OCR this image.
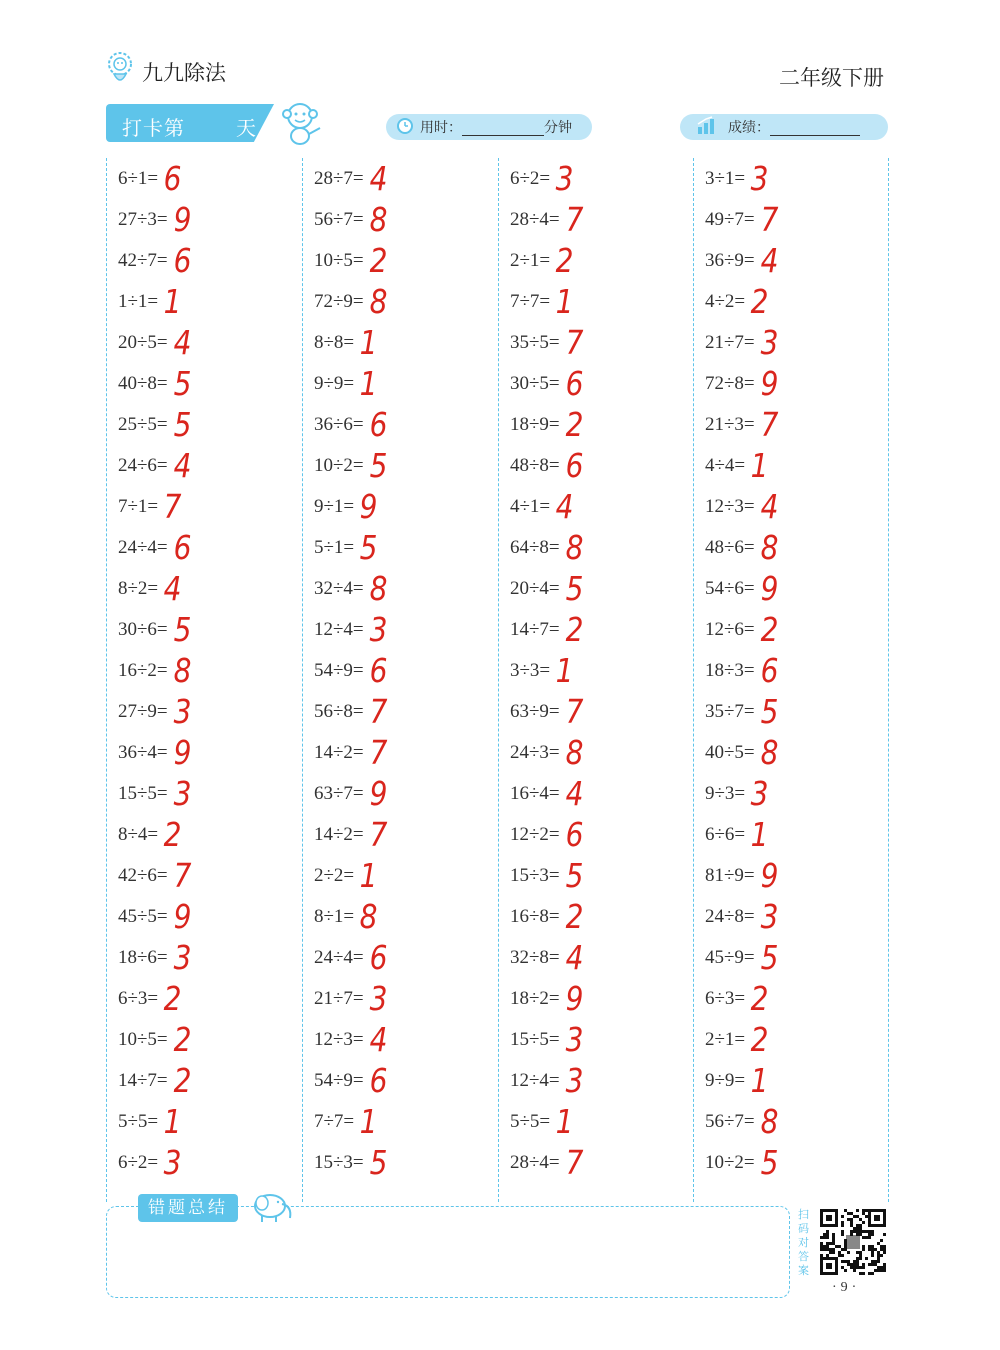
九九除法	二年级下册
打卡第	天	用时：	分钟	成绩：
6÷1= 6
27÷3= 9
42÷7= 6
1÷1= 1
20÷5= 4
40÷8= 5
25÷5= 5
24÷6= 4
7÷1= 7
24÷4= 6
8÷2= 4
30÷6= 5
16÷2= 8
27÷9= 3
36÷4= 9
15÷5= 3
8÷4= 2
42÷6= 7
45÷5= 9
18÷6= 3
6÷3= 2
10÷5= 2
14÷7= 2
5÷5= 1
6÷2= 3
28÷7= 4
56÷7= 8
10÷5= 2
72÷9= 8
8÷8= 1
9÷9= 1
36÷6= 6
10÷2= 5
9÷1= 9
5÷1= 5
32÷4= 8
12÷4= 3
54÷9= 6
56÷8= 7
14÷2= 7
63÷7= 9
14÷2= 7
2÷2= 1
8÷1= 8
24÷4= 6
21÷7= 3
12÷3= 4
54÷9= 6
7÷7= 1
15÷3= 5
6÷2= 3
28÷4= 7
2÷1= 2
7÷7= 1
35÷5= 7
30÷5= 6
18÷9= 2
48÷8= 6
4÷1= 4
64÷8= 8
20÷4= 5
14÷7= 2
3÷3= 1
63÷9= 7
24÷3= 8
16÷4= 4
12÷2= 6
15÷3= 5
16÷8= 2
32÷8= 4
18÷2= 9
15÷5= 3
12÷4= 3
5÷5= 1
28÷4= 7
3÷1= 3
49÷7= 7
36÷9= 4
4÷2= 2
21÷7= 3
72÷8= 9
21÷3= 7
4÷4= 1
12÷3= 4
48÷6= 8
54÷6= 9
12÷6= 2
18÷3= 6
35÷7= 5
40÷5= 8
9÷3= 3
6÷6= 1
81÷9= 9
24÷8= 3
45÷9= 5
6÷3= 2
2÷1= 2
9÷9= 1
56÷7= 8
10÷2= 5
错题总结	扫码对答案
·9·
